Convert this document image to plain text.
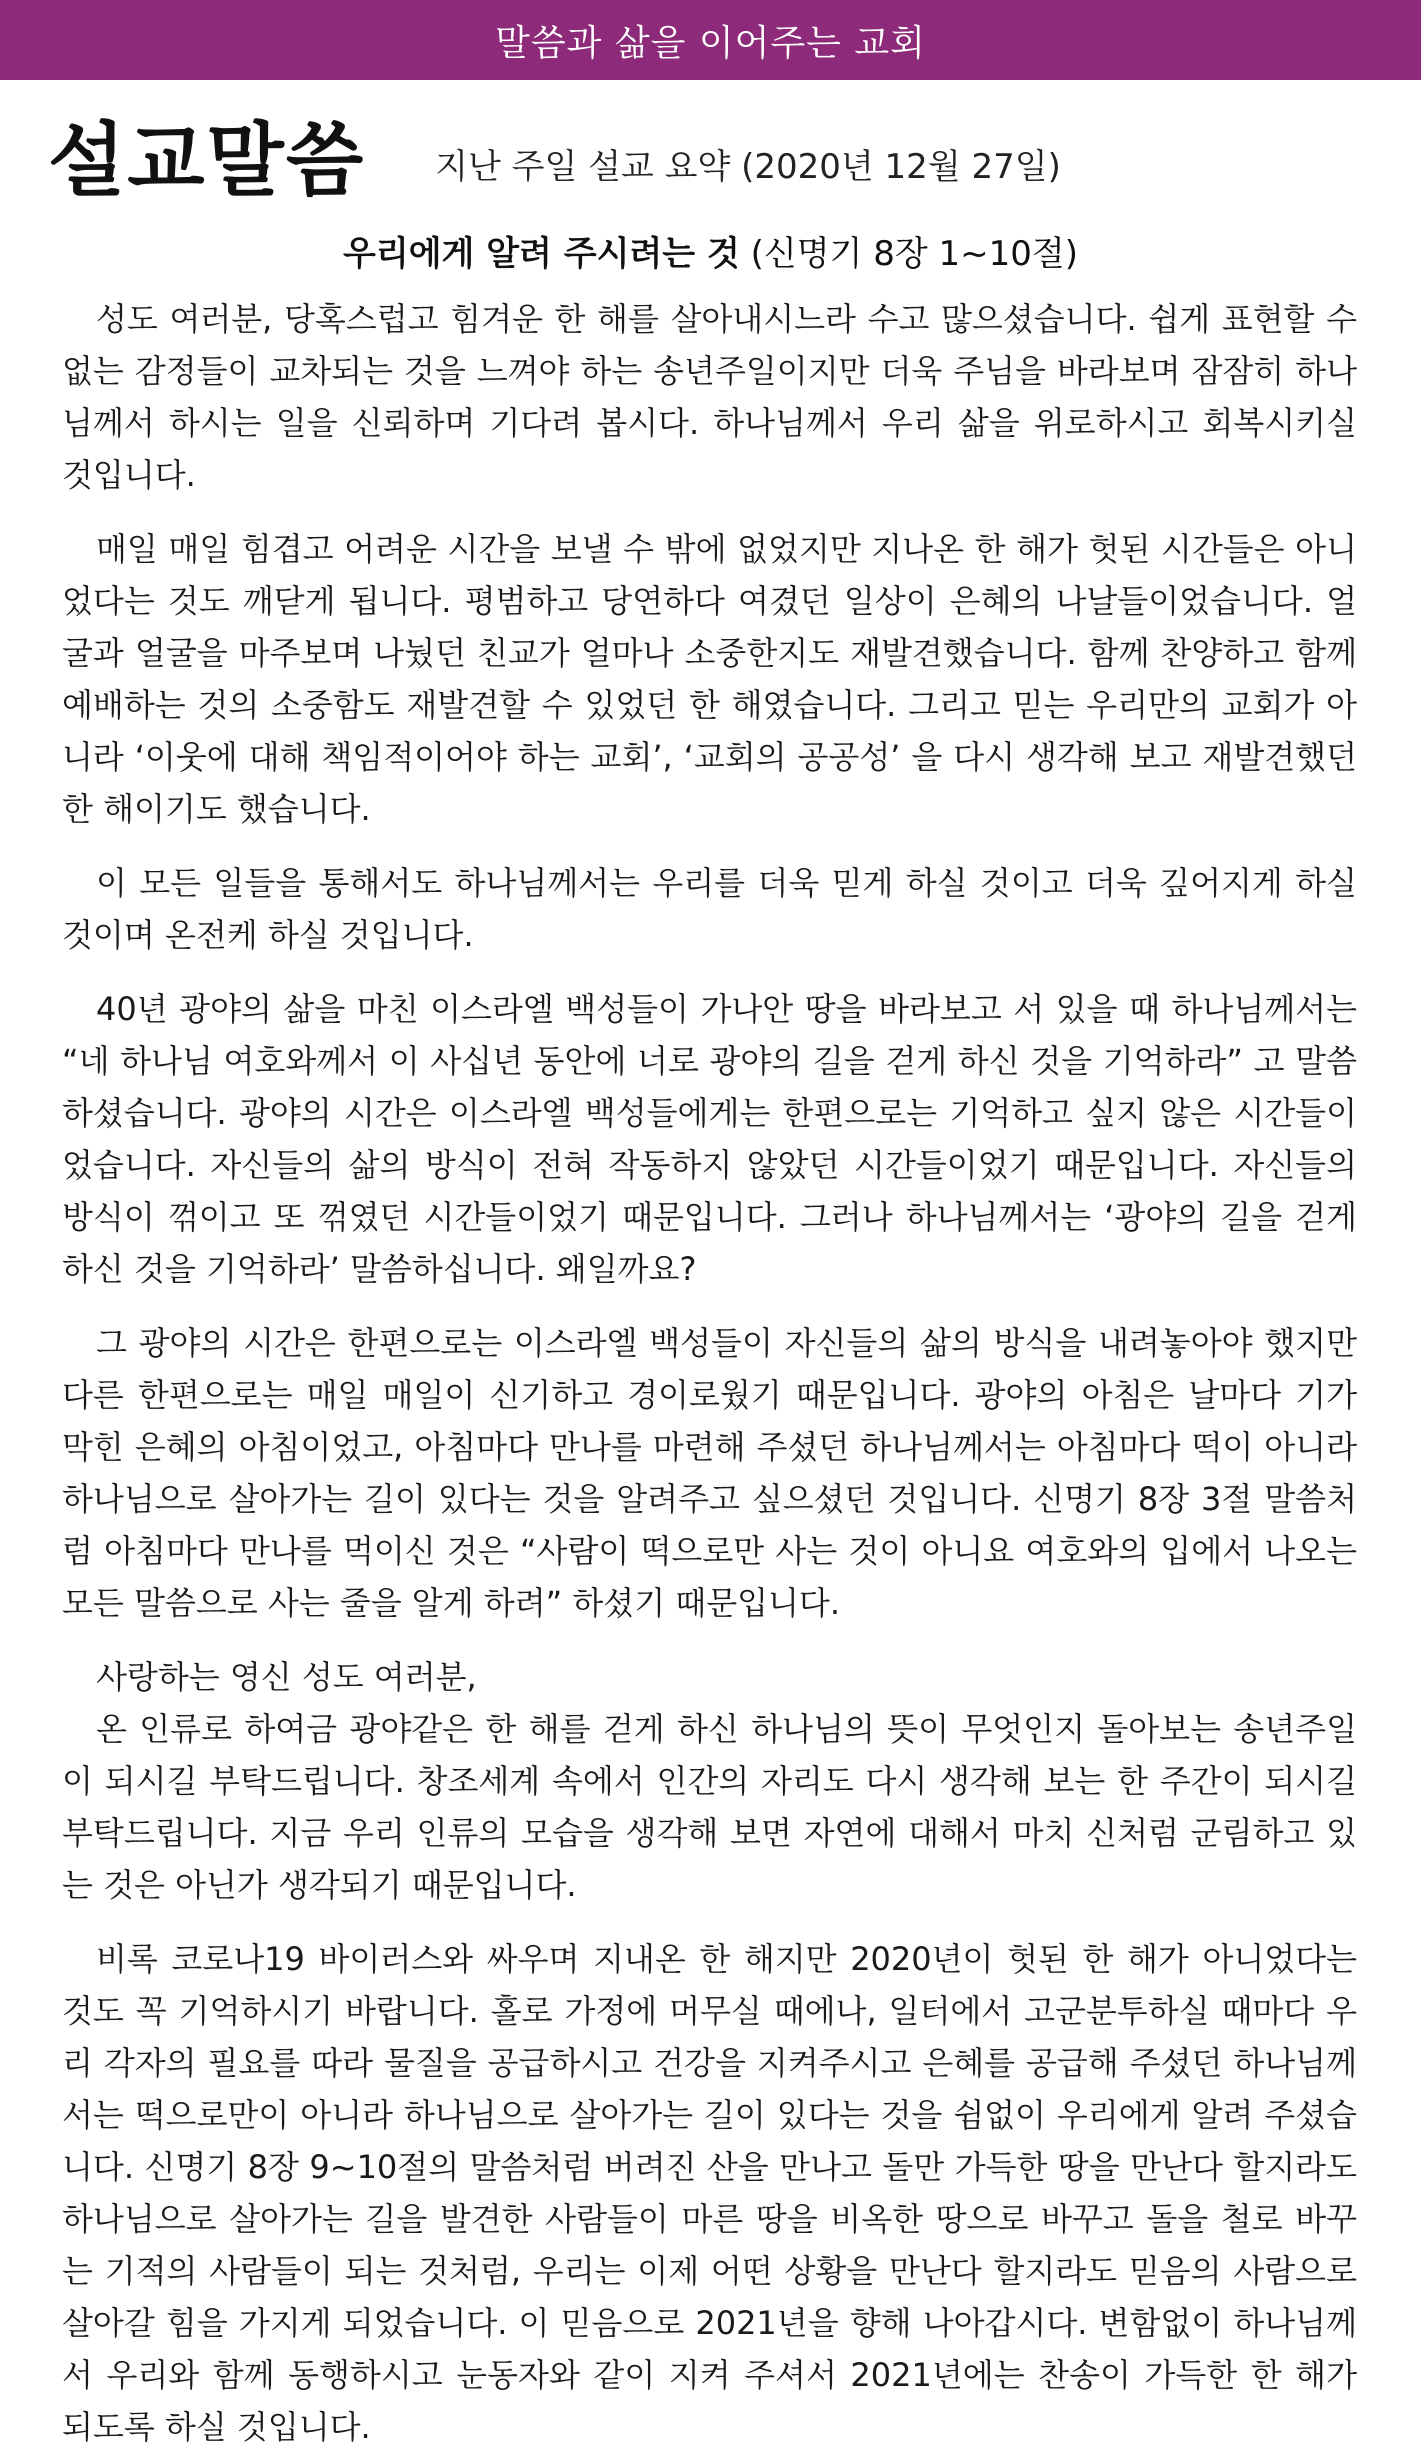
말씀과 삶을 이어주는 교회
설교말씀 지난 주일 설교 요약 (2020년 12월 27일)
우리에게 알려 주시려는 것 (신명기 8장 1~10절)

성도 여러분, 당혹스럽고 힘겨운 한 해를 살아내시느라 수고 많으셨습니다. 쉽게 표현할 수 없는 감정들이 교차되는 것을 느껴야 하는 송년주일이지만 더욱 주님을 바라보며 잠잠히 하나님께서 하시는 일을 신뢰하며 기다려 봅시다. 하나님께서 우리 삶을 위로하시고 회복시키실 것입니다.

매일 매일 힘겹고 어려운 시간을 보낼 수 밖에 없었지만 지나온 한 해가 헛된 시간들은 아니었다는 것도 깨닫게 됩니다. 평범하고 당연하다 여겼던 일상이 은혜의 나날들이었습니다. 얼굴과 얼굴을 마주보며 나눴던 친교가 얼마나 소중한지도 재발견했습니다. 함께 찬양하고 함께 예배하는 것의 소중함도 재발견할 수 있었던 한 해였습니다. 그리고 믿는 우리만의 교회가 아니라 ‘이웃에 대해 책임적이어야 하는 교회’, ‘교회의 공공성’ 을 다시 생각해 보고 재발견했던 한 해이기도 했습니다.

이 모든 일들을 통해서도 하나님께서는 우리를 더욱 믿게 하실 것이고 더욱 깊어지게 하실 것이며 온전케 하실 것입니다.

40년 광야의 삶을 마친 이스라엘 백성들이 가나안 땅을 바라보고 서 있을 때 하나님께서는 “네 하나님 여호와께서 이 사십년 동안에 너로 광야의 길을 걷게 하신 것을 기억하라” 고 말씀하셨습니다. 광야의 시간은 이스라엘 백성들에게는 한편으로는 기억하고 싶지 않은 시간들이었습니다. 자신들의 삶의 방식이 전혀 작동하지 않았던 시간들이었기 때문입니다. 자신들의 방식이 꺾이고 또 꺾였던 시간들이었기 때문입니다. 그러나 하나님께서는 ‘광야의 길을 걷게 하신 것을 기억하라’ 말씀하십니다. 왜일까요?

그 광야의 시간은 한편으로는 이스라엘 백성들이 자신들의 삶의 방식을 내려놓아야 했지만 다른 한편으로는 매일 매일이 신기하고 경이로웠기 때문입니다. 광야의 아침은 날마다 기가 막힌 은혜의 아침이었고, 아침마다 만나를 마련해 주셨던 하나님께서는 아침마다 떡이 아니라 하나님으로 살아가는 길이 있다는 것을 알려주고 싶으셨던 것입니다. 신명기 8장 3절 말씀처럼 아침마다 만나를 먹이신 것은 “사람이 떡으로만 사는 것이 아니요 여호와의 입에서 나오는 모든 말씀으로 사는 줄을 알게 하려” 하셨기 때문입니다.

사랑하는 영신 성도 여러분,

온 인류로 하여금 광야같은 한 해를 걷게 하신 하나님의 뜻이 무엇인지 돌아보는 송년주일이 되시길 부탁드립니다. 창조세계 속에서 인간의 자리도 다시 생각해 보는 한 주간이 되시길 부탁드립니다. 지금 우리 인류의 모습을 생각해 보면 자연에 대해서 마치 신처럼 군림하고 있는 것은 아닌가 생각되기 때문입니다.

비록 코로나19 바이러스와 싸우며 지내온 한 해지만 2020년이 헛된 한 해가 아니었다는 것도 꼭 기억하시기 바랍니다. 홀로 가정에 머무실 때에나, 일터에서 고군분투하실 때마다 우리 각자의 필요를 따라 물질을 공급하시고 건강을 지켜주시고 은혜를 공급해 주셨던 하나님께서는 떡으로만이 아니라 하나님으로 살아가는 길이 있다는 것을 쉼없이 우리에게 알려 주셨습니다. 신명기 8장 9~10절의 말씀처럼 버려진 산을 만나고 돌만 가득한 땅을 만난다 할지라도 하나님으로 살아가는 길을 발견한 사람들이 마른 땅을 비옥한 땅으로 바꾸고 돌을 철로 바꾸는 기적의 사람들이 되는 것처럼, 우리는 이제 어떤 상황을 만난다 할지라도 믿음의 사람으로 살아갈 힘을 가지게 되었습니다. 이 믿음으로 2021년을 향해 나아갑시다. 변함없이 하나님께서 우리와 함께 동행하시고 눈동자와 같이 지켜 주셔서 2021년에는 찬송이 가득한 한 해가 되도록 하실 것입니다.
